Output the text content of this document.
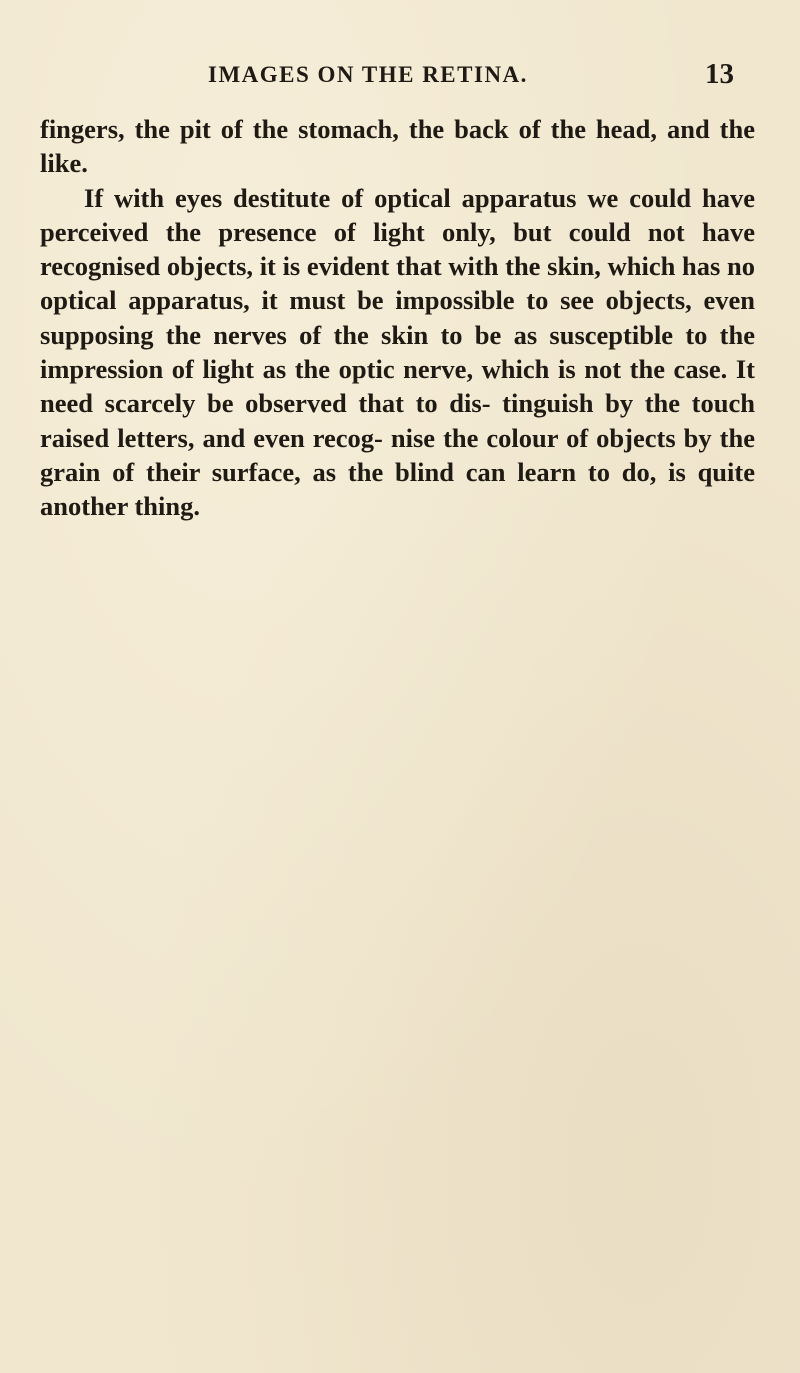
IMAGES ON THE RETINA.	13

fingers, the pit of the stomach, the back of the head, and the like.

If with eyes destitute of optical apparatus we could have perceived the presence of light only, but could not have recognised objects, it is evident that with the skin, which has no optical apparatus, it must be impossible to see objects, even supposing the nerves of the skin to be as susceptible to the impression of light as the optic nerve, which is not the case. It need scarcely be observed that to dis- tinguish by the touch raised letters, and even recog- nise the colour of objects by the grain of their surface, as the blind can learn to do, is quite another thing.
